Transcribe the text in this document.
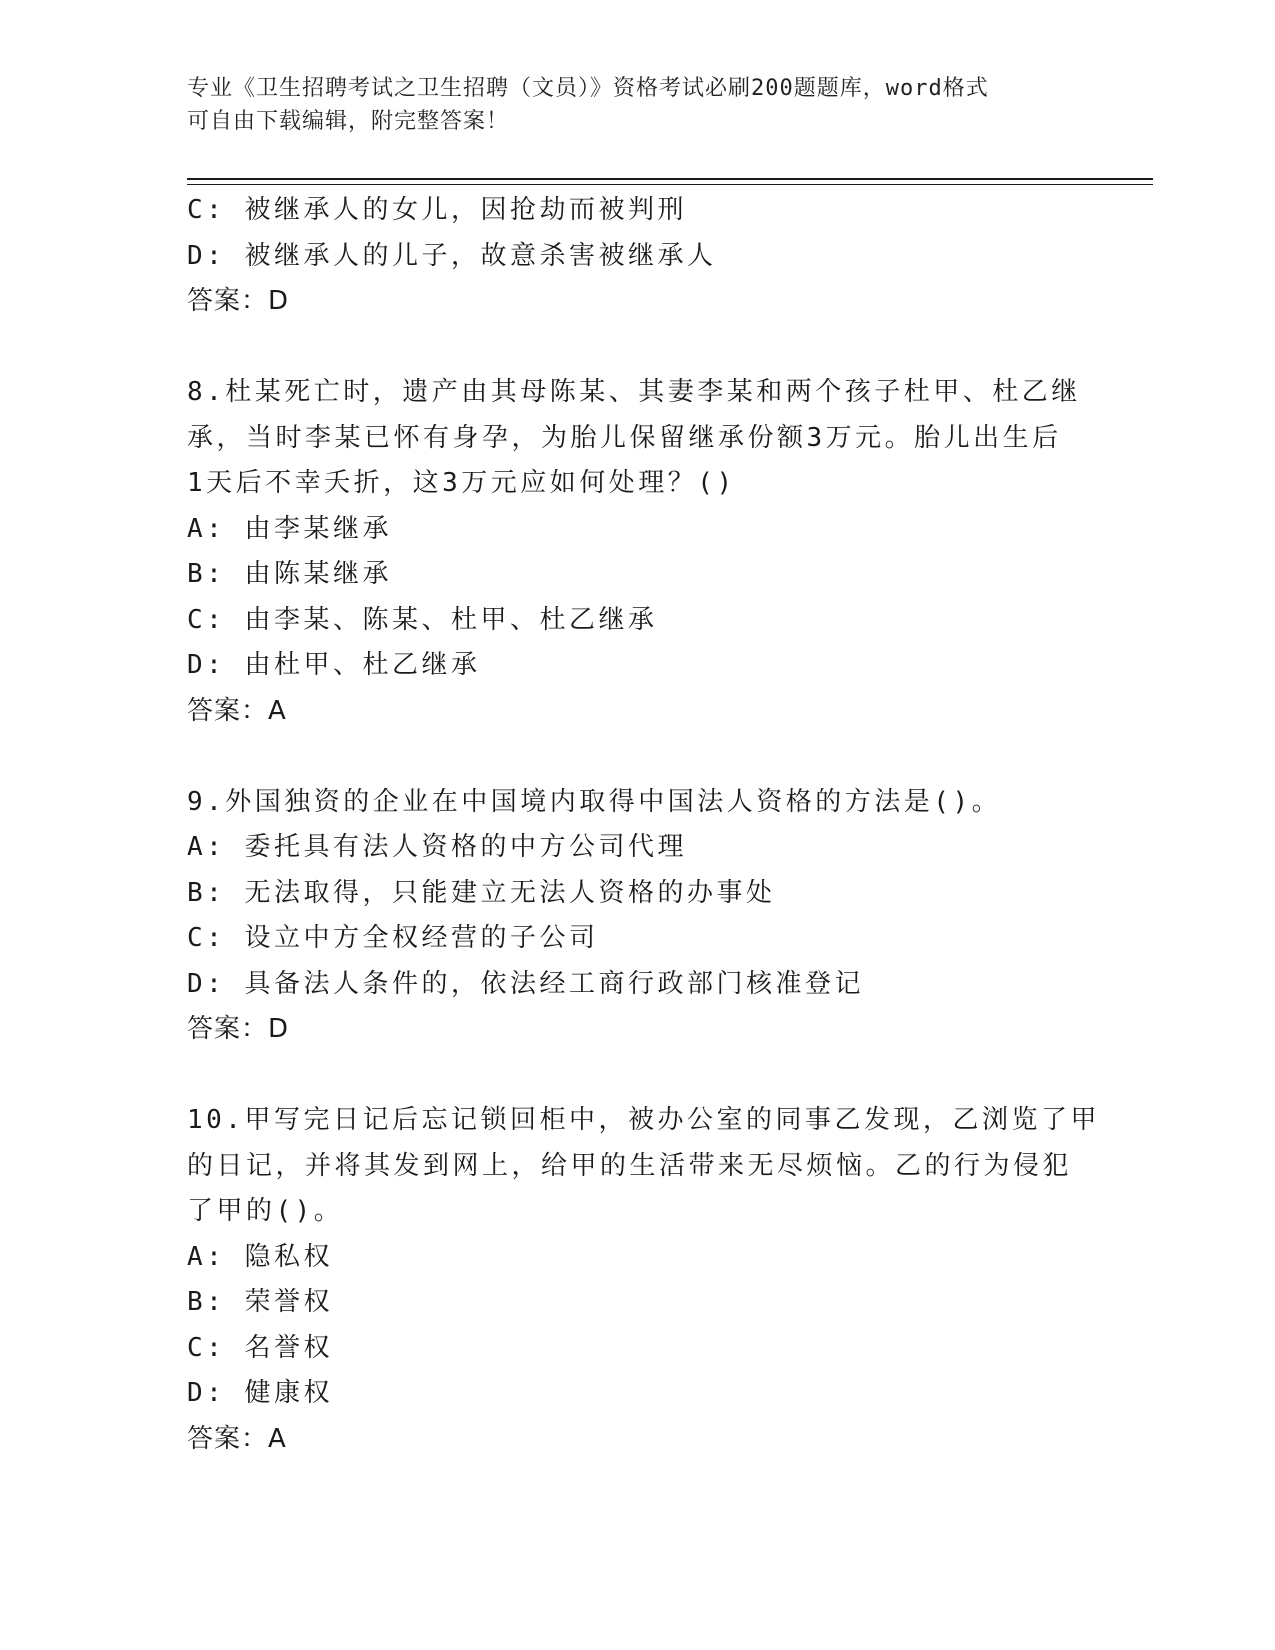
专业《卫生招聘考试之卫生招聘（文员）》资格考试必刷200题题库，word格式
可自由下载编辑，附完整答案！
C: 被继承人的女儿，因抢劫而被判刑
D: 被继承人的儿子，故意杀害被继承人
答案：D
8.杜某死亡时，遗产由其母陈某、其妻李某和两个孩子杜甲、杜乙继
承，当时李某已怀有身孕，为胎儿保留继承份额3万元。胎儿出生后
1天后不幸夭折，这3万元应如何处理？()
A: 由李某继承
B: 由陈某继承
C: 由李某、陈某、杜甲、杜乙继承
D: 由杜甲、杜乙继承
答案：A
9.外国独资的企业在中国境内取得中国法人资格的方法是()。
A: 委托具有法人资格的中方公司代理
B: 无法取得，只能建立无法人资格的办事处
C: 设立中方全权经营的子公司
D: 具备法人条件的，依法经工商行政部门核准登记
答案：D
10.甲写完日记后忘记锁回柜中，被办公室的同事乙发现，乙浏览了甲
的日记，并将其发到网上，给甲的生活带来无尽烦恼。乙的行为侵犯
了甲的()。
A: 隐私权
B: 荣誉权
C: 名誉权
D: 健康权
答案：A
